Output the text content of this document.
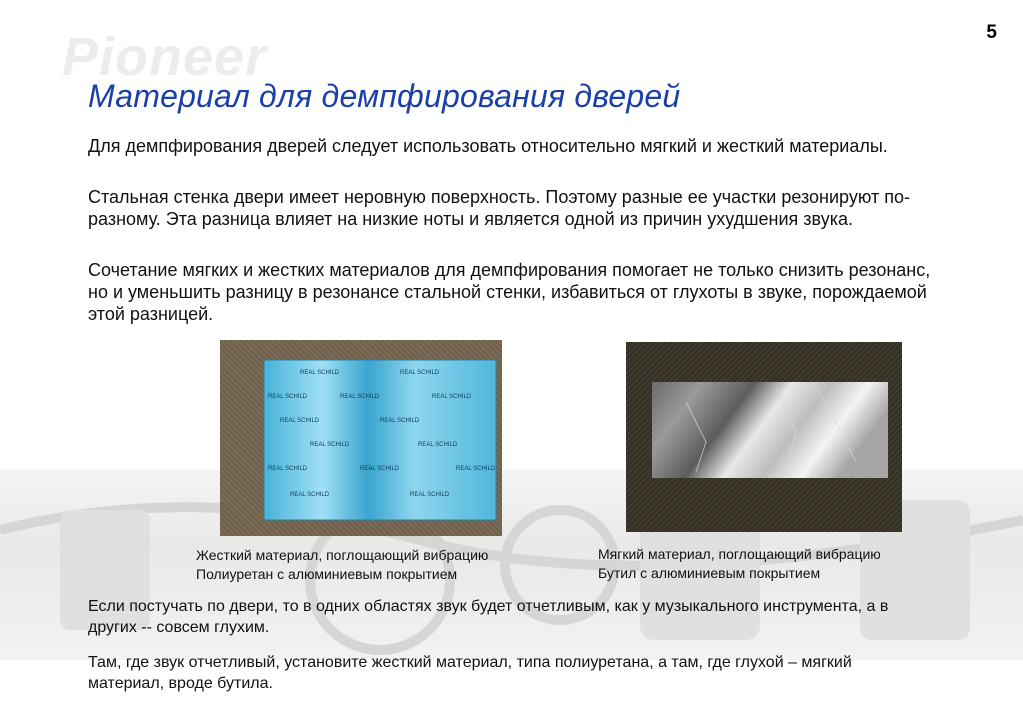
Pioneer	5
Материал для демпфирования дверей
Для демпфирования дверей следует использовать относительно мягкий и жесткий материалы.
Стальная стенка двери имеет неровную поверхность. Поэтому разные ее участки резонируют по-разному. Эта разница влияет на низкие ноты и является одной из причин ухудшения звука.
Сочетание мягких и жестких материалов для демпфирования помогает не только снизить резонанс, но и уменьшить разницу в резонансе стальной стенки, избавиться от глухоты в звуке, порождаемой этой разницей.
REAL SCHILD	REAL SCHILD
REAL SCHILD	REAL SCHILD	REAL SCHILD
REAL SCHILD	REAL SCHILD
REAL SCHILD	REAL SCHILD
REAL SCHILD	REAL SCHILD	REAL SCHILD
REAL SCHILD	REAL SCHILD
Жесткий материал, поглощающий вибрацию
Полиуретан с алюминиевым покрытием
Мягкий материал, поглощающий вибрацию
Бутил с алюминиевым покрытием
Если постучать по двери, то в одних областях звук будет отчетливым, как у музыкального инструмента, а в других -- совсем глухим.
Там, где звук отчетливый, установите жесткий материал, типа полиуретана, а там, где глухой – мягкий материал, вроде бутила.
